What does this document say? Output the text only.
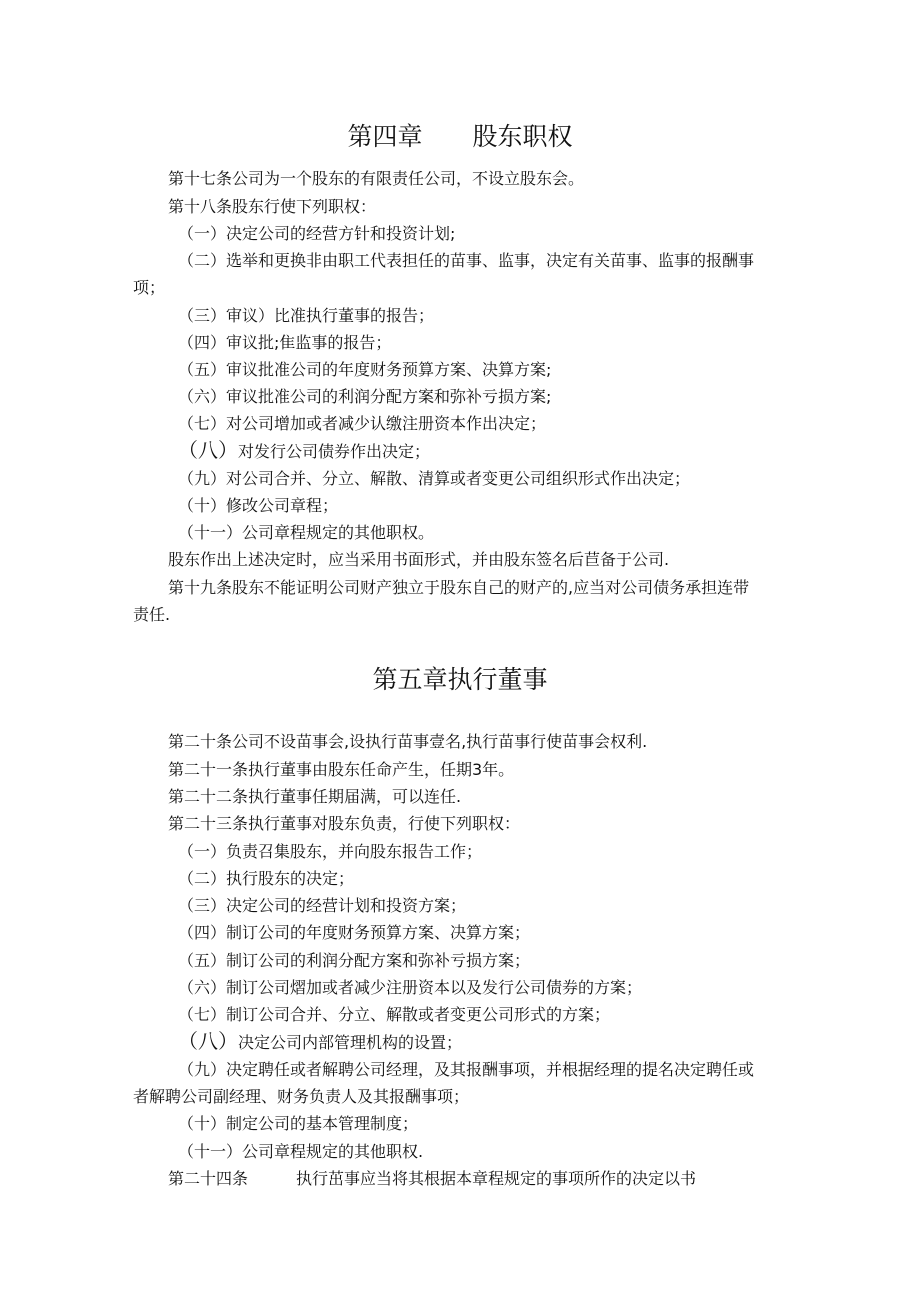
第四章　　股东职权
第十七条公司为一个股东的有限责任公司，不设立股东会。
第十八条股东行使下列职权：
（一）决定公司的经营方针和投资计划;
（二）选举和更换非由职工代表担任的苗事、监事，决定有关苗事、监事的报酬事
项；
（三）审议）比准执行董事的报告；
（四）审议批;隹监事的报告；
（五）审议批准公司的年度财务预算方案、决算方案;
（六）审议批准公司的利润分配方案和弥补亏损方案;
（七）对公司增加或者减少认缴注册资本作出决定；
（八）对发行公司债券作出决定；
（九）对公司合并、分立、解散、清算或者变更公司组织形式作出决定；
（十）修改公司章程；
（十一）公司章程规定的其他职权。
股东作出上述决定时，应当采用书面形式，并由股东签名后苣备于公司.
第十九条股东不能证明公司财产独立于股东自己的财产的,应当对公司债务承担连带
责任.
第五章执行董事
第二十条公司不设苗事会,设执行苗事壹名,执行苗事行使苗事会权利.
第二十一条执行董事由股东任命产生，任期3年。
第二十二条执行董事任期届满，可以连任.
第二十三条执行董事对股东负责，行使下列职权：
（一）负责召集股东，并向股东报告工作；
（二）执行股东的决定；
（三）决定公司的经营计划和投资方案；
（四）制订公司的年度财务预算方案、决算方案；
（五）制订公司的利润分配方案和弥补亏损方案；
（六）制订公司熠加或者减少注册资本以及发行公司债券的方案；
（七）制订公司合并、分立、解散或者变更公司形式的方案；
（八）决定公司内部管理机构的设置；
（九）决定聘任或者解聘公司经理，及其报酬事项，并根据经理的提名决定聘任或
者解聘公司副经理、财务负责人及其报酬事项；
（十）制定公司的基本管理制度；
（十一）公司章程规定的其他职权.
第二十四条　　　执行茁事应当将其根据本章程规定的事项所作的决定以书
